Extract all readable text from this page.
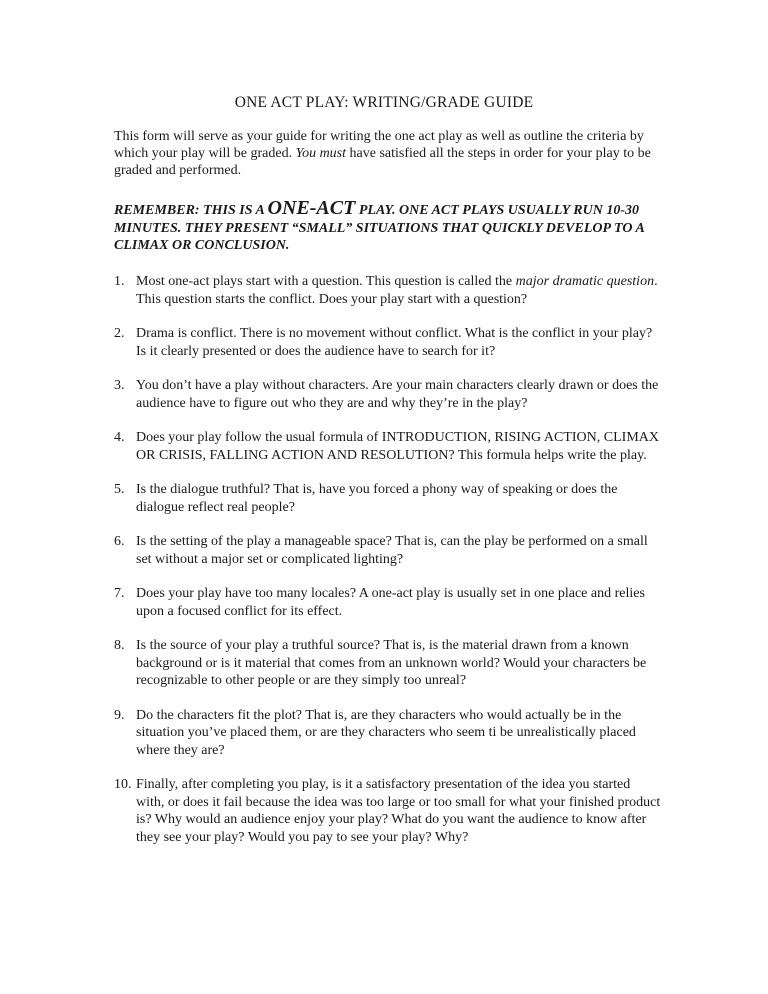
ONE ACT PLAY: WRITING/GRADE GUIDE

This form will serve as your guide for writing the one act play as well as outline the criteria by which your play will be graded. You must have satisfied all the steps in order for your play to be graded and performed.

REMEMBER: THIS IS A ONE-ACT PLAY. ONE ACT PLAYS USUALLY RUN 10-30 MINUTES. THEY PRESENT “SMALL” SITUATIONS THAT QUICKLY DEVELOP TO A CLIMAX OR CONCLUSION.

1. Most one-act plays start with a question. This question is called the major dramatic question. This question starts the conflict. Does your play start with a question?
2. Drama is conflict. There is no movement without conflict. What is the conflict in your play? Is it clearly presented or does the audience have to search for it?
3. You don’t have a play without characters. Are your main characters clearly drawn or does the audience have to figure out who they are and why they’re in the play?
4. Does your play follow the usual formula of INTRODUCTION, RISING ACTION, CLIMAX OR CRISIS, FALLING ACTION AND RESOLUTION? This formula helps write the play.
5. Is the dialogue truthful? That is, have you forced a phony way of speaking or does the dialogue reflect real people?
6. Is the setting of the play a manageable space? That is, can the play be performed on a small set without a major set or complicated lighting?
7. Does your play have too many locales? A one-act play is usually set in one place and relies upon a focused conflict for its effect.
8. Is the source of your play a truthful source? That is, is the material drawn from a known background or is it material that comes from an unknown world? Would your characters be recognizable to other people or are they simply too unreal?
9. Do the characters fit the plot? That is, are they characters who would actually be in the situation you’ve placed them, or are they characters who seem ti be unrealistically placed where they are?
10. Finally, after completing you play, is it a satisfactory presentation of the idea you started with, or does it fail because the idea was too large or too small for what your finished product is? Why would an audience enjoy your play? What do you want the audience to know after they see your play? Would you pay to see your play? Why?
